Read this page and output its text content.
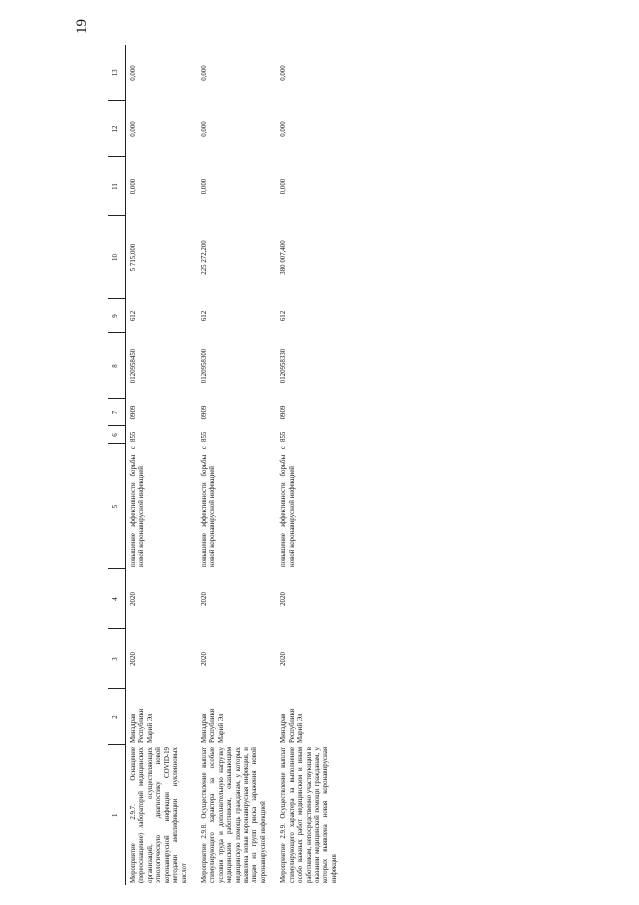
19
1	2	3	4	5	6	7	8	9	10	11	12	13
Мероприятие 2.9.7. Оснащение (переоснащение) лабораторий медицинских организаций, осуществляющих этиологическую диагностику новой коронавирусной инфекции COVID-19 методами амплификации нуклеиновых кислот	Минздрав Республики Марий Эл	2020	2020	повышение эффективности борьбы с новой коронавирусной инфекцией	855	0909	0120958450	612	5 715,000	0,000	0,000	0,000
Мероприятие 2.9.8. Осуществление выплат стимулирующего характера за особые условия труда и дополнительную нагрузку медицинским работникам, оказывающим медицинскую помощь гражданам, у которых выявлена новая коронавирусная инфекция, и лицам из групп риска заражения новой коронавирусной инфекцией	Минздрав Республики Марий Эл	2020	2020	повышение эффективности борьбы с новой коронавирусной инфекцией	855	0909	0120958300	612	225 272,200	0,000	0,000	0,000
Мероприятие 2.9.9. Осуществление выплат стимулирующего характера за выполнение особо важных работ медицинским и иным работникам, непосредственно участвующим в оказании медицинской помощи гражданам, у которых выявлена новая коронавирусная инфекция	Минздрав Республики Марий Эл	2020	2020	повышение эффективности борьбы с новой коронавирусной инфекцией	855	0909	0120958330	612	380 007,400	0,000	0,000	0,000
